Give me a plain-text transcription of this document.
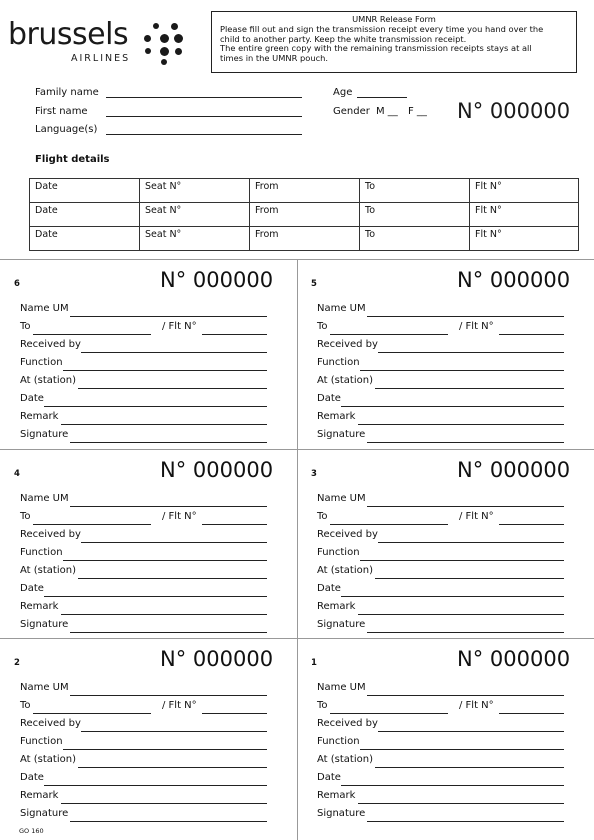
brussels
AIRLINES
UMNR Release Form
Please fill out and sign the transmission receipt every time you hand over the
child to another party. Keep the white transmission receipt.
The entire green copy with the remaining transmission receipts stays at all
times in the UMNR pouch.
Family name
First name
Language(s)
Age
Gender M __ F __ N° 000000
Flight details
Date	Seat N°	From	To	Flt N°
Date	Seat N°	From	To	Flt N°
Date	Seat N°	From	To	Flt N°
6	N° 000000
Name UM
To	/ Flt N°
Received by
Function
At (station)
Date
Remark
Signature
5	N° 000000
Name UM
To	/ Flt N°
Received by
Function
At (station)
Date
Remark
Signature
4	N° 000000
Name UM
To	/ Flt N°
Received by
Function
At (station)
Date
Remark
Signature
3	N° 000000
Name UM
To	/ Flt N°
Received by
Function
At (station)
Date
Remark
Signature
2	N° 000000
Name UM
To	/ Flt N°
Received by
Function
At (station)
Date
Remark
Signature
1	N° 000000
Name UM
To	/ Flt N°
Received by
Function
At (station)
Date
Remark
Signature
GO 160
